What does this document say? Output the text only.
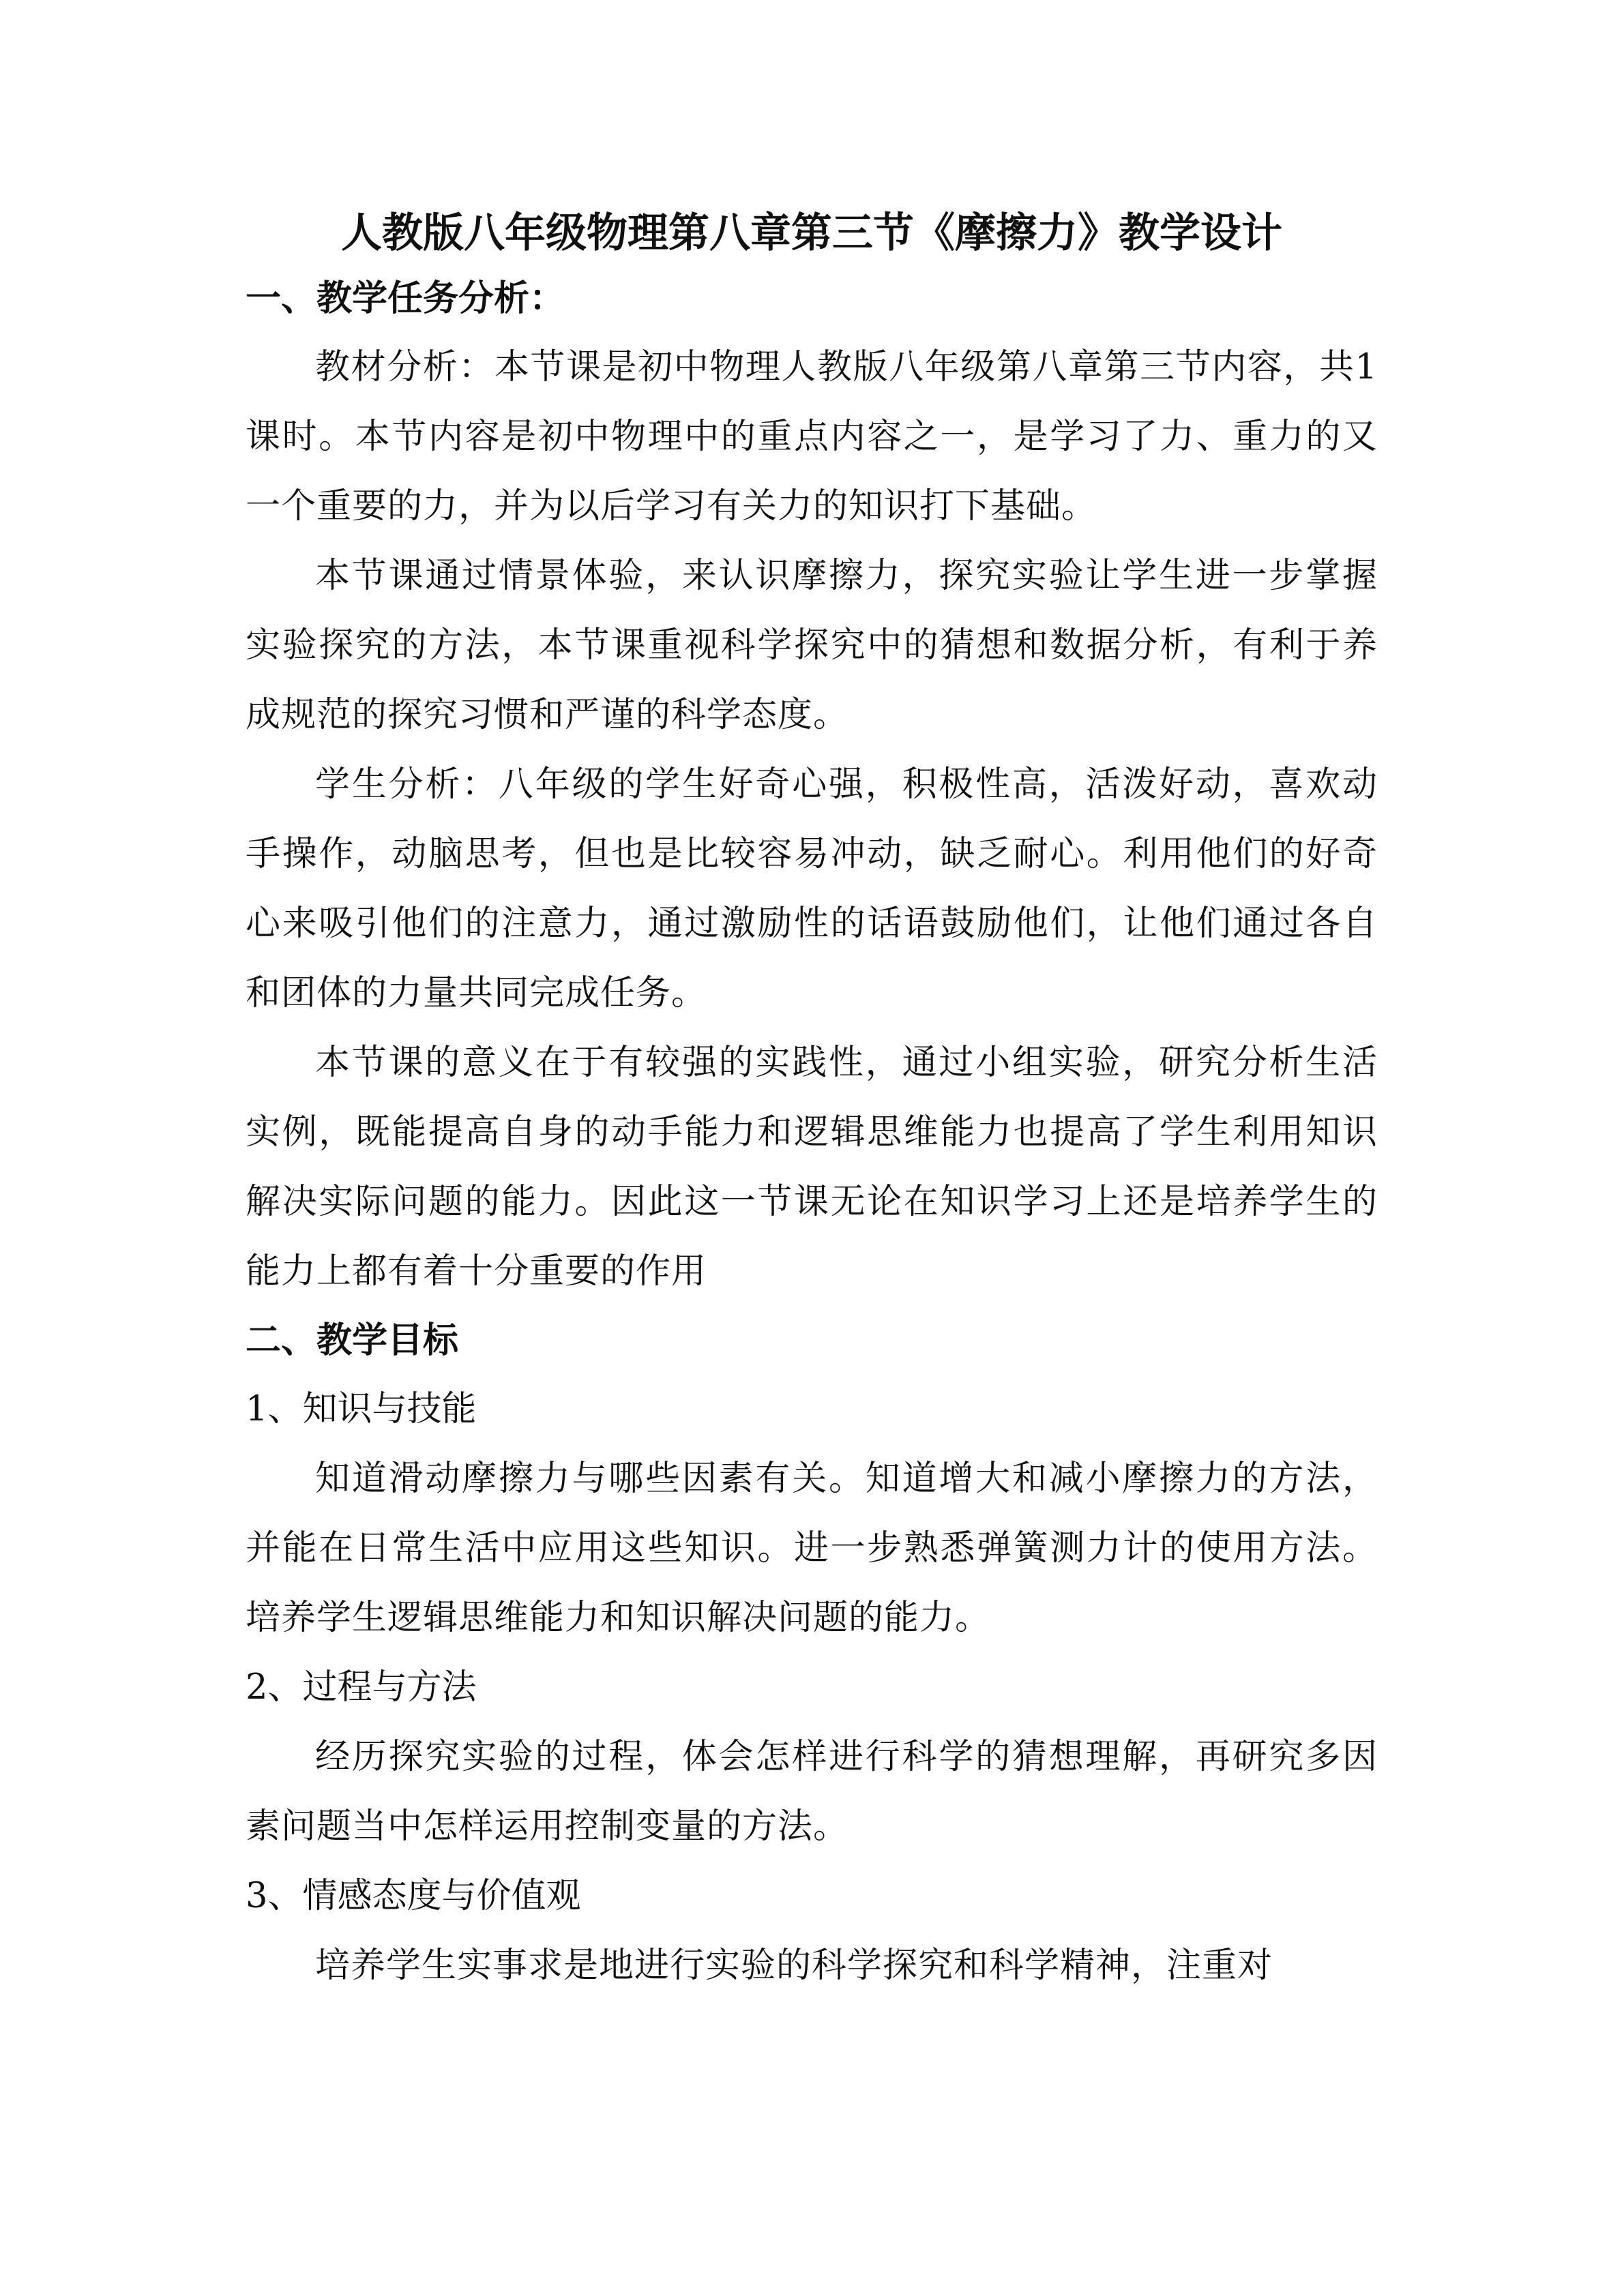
人教版八年级物理第八章第三节《摩擦力》教学设计
一、教学任务分析：

教材分析：本节课是初中物理人教版八年级第八章第三节内容，共1课时。本节内容是初中物理中的重点内容之一，是学习了力、重力的又一个重要的力，并为以后学习有关力的知识打下基础。

本节课通过情景体验，来认识摩擦力，探究实验让学生进一步掌握实验探究的方法，本节课重视科学探究中的猜想和数据分析，有利于养成规范的探究习惯和严谨的科学态度。

学生分析：八年级的学生好奇心强，积极性高，活泼好动，喜欢动手操作，动脑思考，但也是比较容易冲动，缺乏耐心。利用他们的好奇心来吸引他们的注意力，通过激励性的话语鼓励他们，让他们通过各自和团体的力量共同完成任务。

本节课的意义在于有较强的实践性，通过小组实验，研究分析生活实例，既能提高自身的动手能力和逻辑思维能力也提高了学生利用知识解决实际问题的能力。因此这一节课无论在知识学习上还是培养学生的能力上都有着十分重要的作用

二、教学目标

1、知识与技能

知道滑动摩擦力与哪些因素有关。知道增大和减小摩擦力的方法，并能在日常生活中应用这些知识。进一步熟悉弹簧测力计的使用方法。培养学生逻辑思维能力和知识解决问题的能力。

2、过程与方法

经历探究实验的过程，体会怎样进行科学的猜想理解，再研究多因素问题当中怎样运用控制变量的方法。

3、情感态度与价值观

培养学生实事求是地进行实验的科学探究和科学精神，注重对
